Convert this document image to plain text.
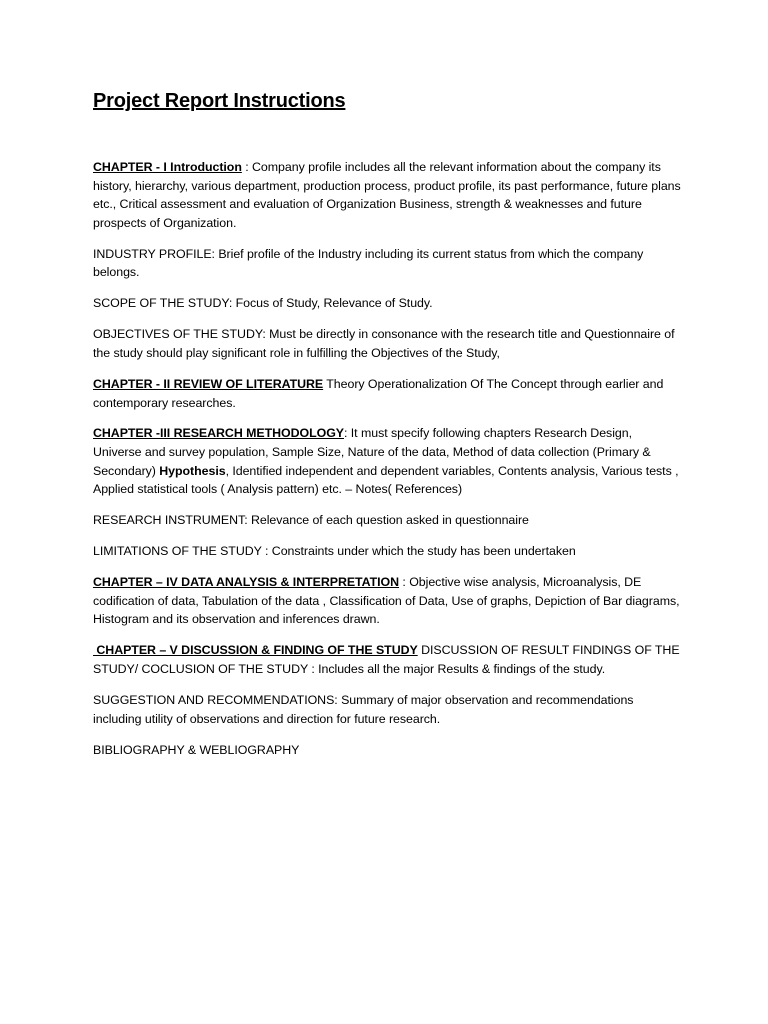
Project Report Instructions

CHAPTER - I Introduction : Company profile includes all the relevant information about the company its history, hierarchy, various department, production process, product profile, its past performance, future plans etc., Critical assessment and evaluation of Organization Business, strength & weaknesses and future prospects of Organization.

INDUSTRY PROFILE: Brief profile of the Industry including its current status from which the company belongs.

SCOPE OF THE STUDY: Focus of Study, Relevance of Study.

OBJECTIVES OF THE STUDY: Must be directly in consonance with the research title and Questionnaire of the study should play significant role in fulfilling the Objectives of the Study,

CHAPTER - II REVIEW OF LITERATURE Theory Operationalization Of The Concept through earlier and contemporary researches.

CHAPTER -III RESEARCH METHODOLOGY: It must specify following chapters Research Design, Universe and survey population, Sample Size, Nature of the data, Method of data collection (Primary & Secondary) Hypothesis, Identified independent and dependent variables, Contents analysis, Various tests , Applied statistical tools ( Analysis pattern) etc. – Notes( References)

RESEARCH INSTRUMENT: Relevance of each question asked in questionnaire

LIMITATIONS OF THE STUDY : Constraints under which the study has been undertaken

CHAPTER – IV DATA ANALYSIS & INTERPRETATION : Objective wise analysis, Microanalysis, DE codification of data, Tabulation of the data , Classification of Data, Use of graphs, Depiction of Bar diagrams, Histogram and its observation and inferences drawn.

CHAPTER – V DISCUSSION & FINDING OF THE STUDY DISCUSSION OF RESULT FINDINGS OF THE STUDY/ COCLUSION OF THE STUDY : Includes all the major Results & findings of the study.

SUGGESTION AND RECOMMENDATIONS: Summary of major observation and recommendations including utility of observations and direction for future research.

BIBLIOGRAPHY & WEBLIOGRAPHY
